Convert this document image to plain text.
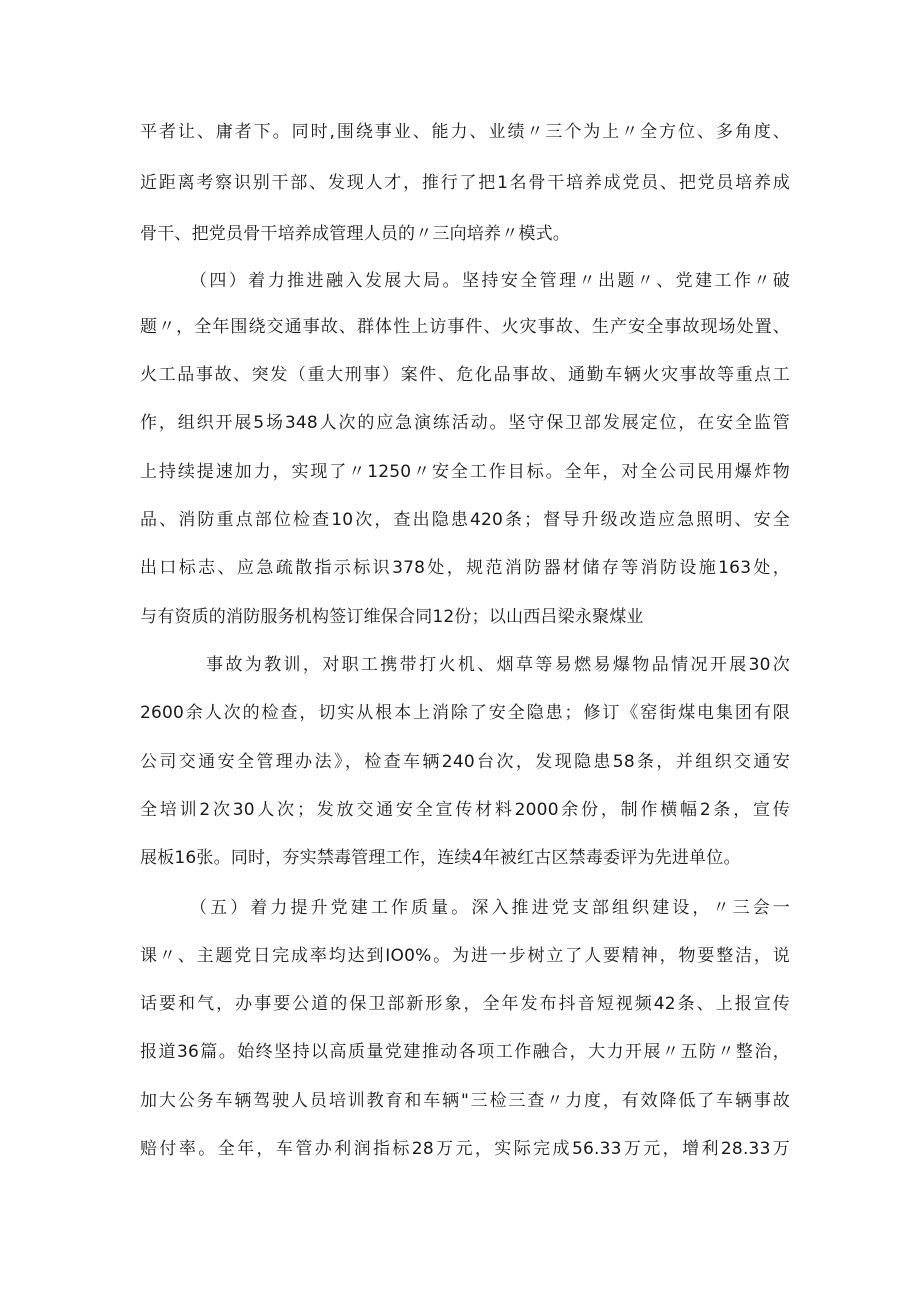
平者让、庸者下。同时,围绕事业、能力、业绩〃三个为上〃全方位、多角度、
近距离考察识别干部、发现人才，推行了把1名骨干培养成党员、把党员培养成
骨干、把党员骨干培养成管理人员的〃三向培养〃模式。
（四）着力推进融入发展大局。坚持安全管理〃出题〃、党建工作〃破
题〃，全年围绕交通事故、群体性上访事件、火灾事故、生产安全事故现场处置、
火工品事故、突发（重大刑事）案件、危化品事故、通勤车辆火灾事故等重点工
作，组织开展5场348人次的应急演练活动。坚守保卫部发展定位，在安全监管
上持续提速加力，实现了〃1250〃安全工作目标。全年，对全公司民用爆炸物
品、消防重点部位检查10次，查出隐患420条；督导升级改造应急照明、安全
出口标志、应急疏散指示标识378处，规范消防器材储存等消防设施163处，
与有资质的消防服务机构签订维保合同12份；以山西吕梁永聚煤业
事故为教训，对职工携带打火机、烟草等易燃易爆物品情况开展30次
2600余人次的检查，切实从根本上消除了安全隐患；修订《窑街煤电集团有限
公司交通安全管理办法》，检查车辆240台次，发现隐患58条，并组织交通安
全培训2次30人次；发放交通安全宣传材料2000余份，制作横幅2条，宣传
展板16张。同时，夯实禁毒管理工作，连续4年被红古区禁毒委评为先进单位。
（五）着力提升党建工作质量。深入推进党支部组织建设，〃三会一
课〃、主题党日完成率均达到IO0%。为进一步树立了人要精神，物要整洁，说
话要和气，办事要公道的保卫部新形象，全年发布抖音短视频42条、上报宣传
报道36篇。始终坚持以高质量党建推动各项工作融合，大力开展〃五防〃整治，
加大公务车辆驾驶人员培训教育和车辆"三检三查〃力度，有效降低了车辆事故
赔付率。全年，车管办利润指标28万元，实际完成56.33万元，增利28.33万
